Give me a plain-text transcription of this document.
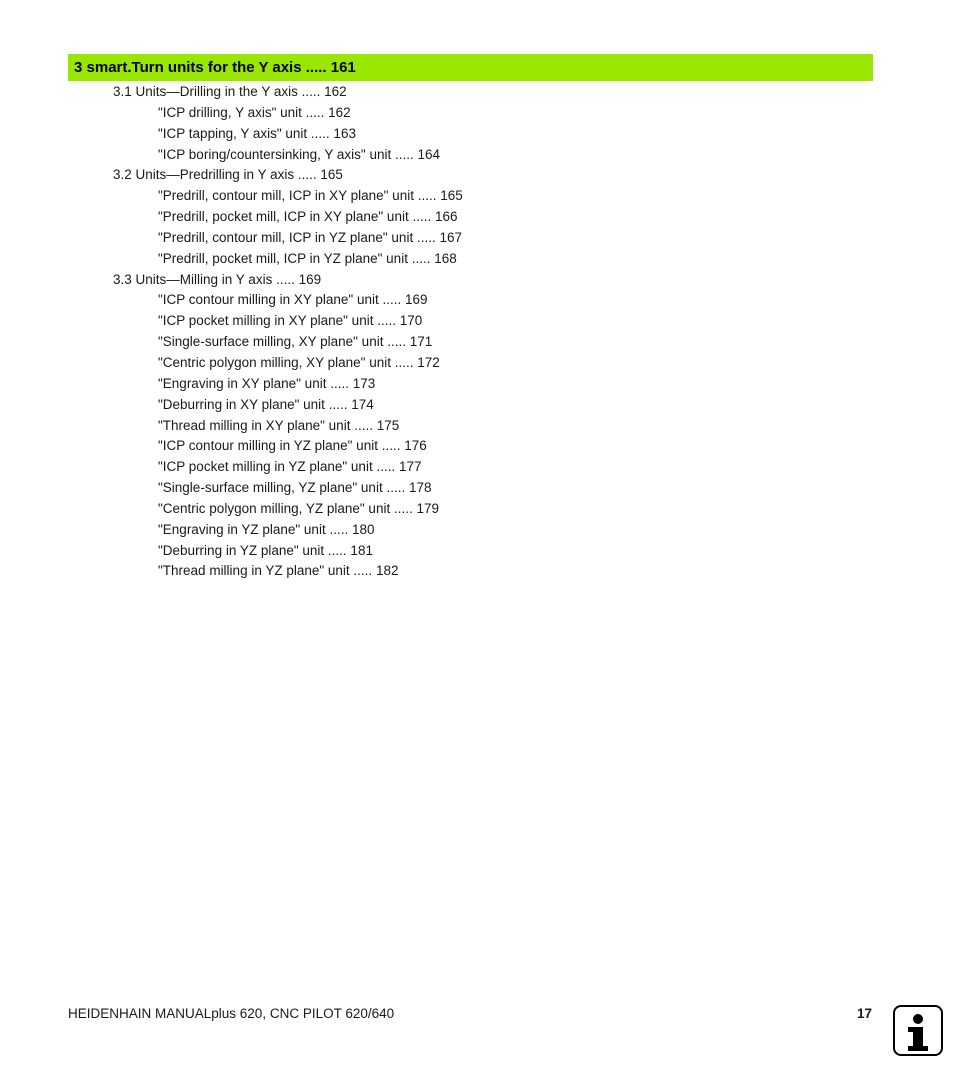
3 smart.Turn units for the Y axis ..... 161
3.1 Units—Drilling in the Y axis ..... 162
"ICP drilling, Y axis" unit ..... 162
"ICP tapping, Y axis" unit ..... 163
"ICP boring/countersinking, Y axis" unit ..... 164
3.2 Units—Predrilling in Y axis ..... 165
"Predrill, contour mill, ICP in XY plane" unit ..... 165
"Predrill, pocket mill, ICP in XY plane" unit ..... 166
"Predrill, contour mill, ICP in YZ plane" unit ..... 167
"Predrill, pocket mill, ICP in YZ plane" unit ..... 168
3.3 Units—Milling in Y axis ..... 169
"ICP contour milling in XY plane" unit ..... 169
"ICP pocket milling in XY plane" unit ..... 170
"Single-surface milling, XY plane" unit ..... 171
"Centric polygon milling, XY plane" unit ..... 172
"Engraving in XY plane" unit ..... 173
"Deburring in XY plane" unit ..... 174
"Thread milling in XY plane" unit ..... 175
"ICP contour milling in YZ plane" unit ..... 176
"ICP pocket milling in YZ plane" unit ..... 177
"Single-surface milling, YZ plane" unit ..... 178
"Centric polygon milling, YZ plane" unit ..... 179
"Engraving in YZ plane" unit ..... 180
"Deburring in YZ plane" unit ..... 181
"Thread milling in YZ plane" unit ..... 182
HEIDENHAIN MANUALplus 620, CNC PILOT 620/640	17
